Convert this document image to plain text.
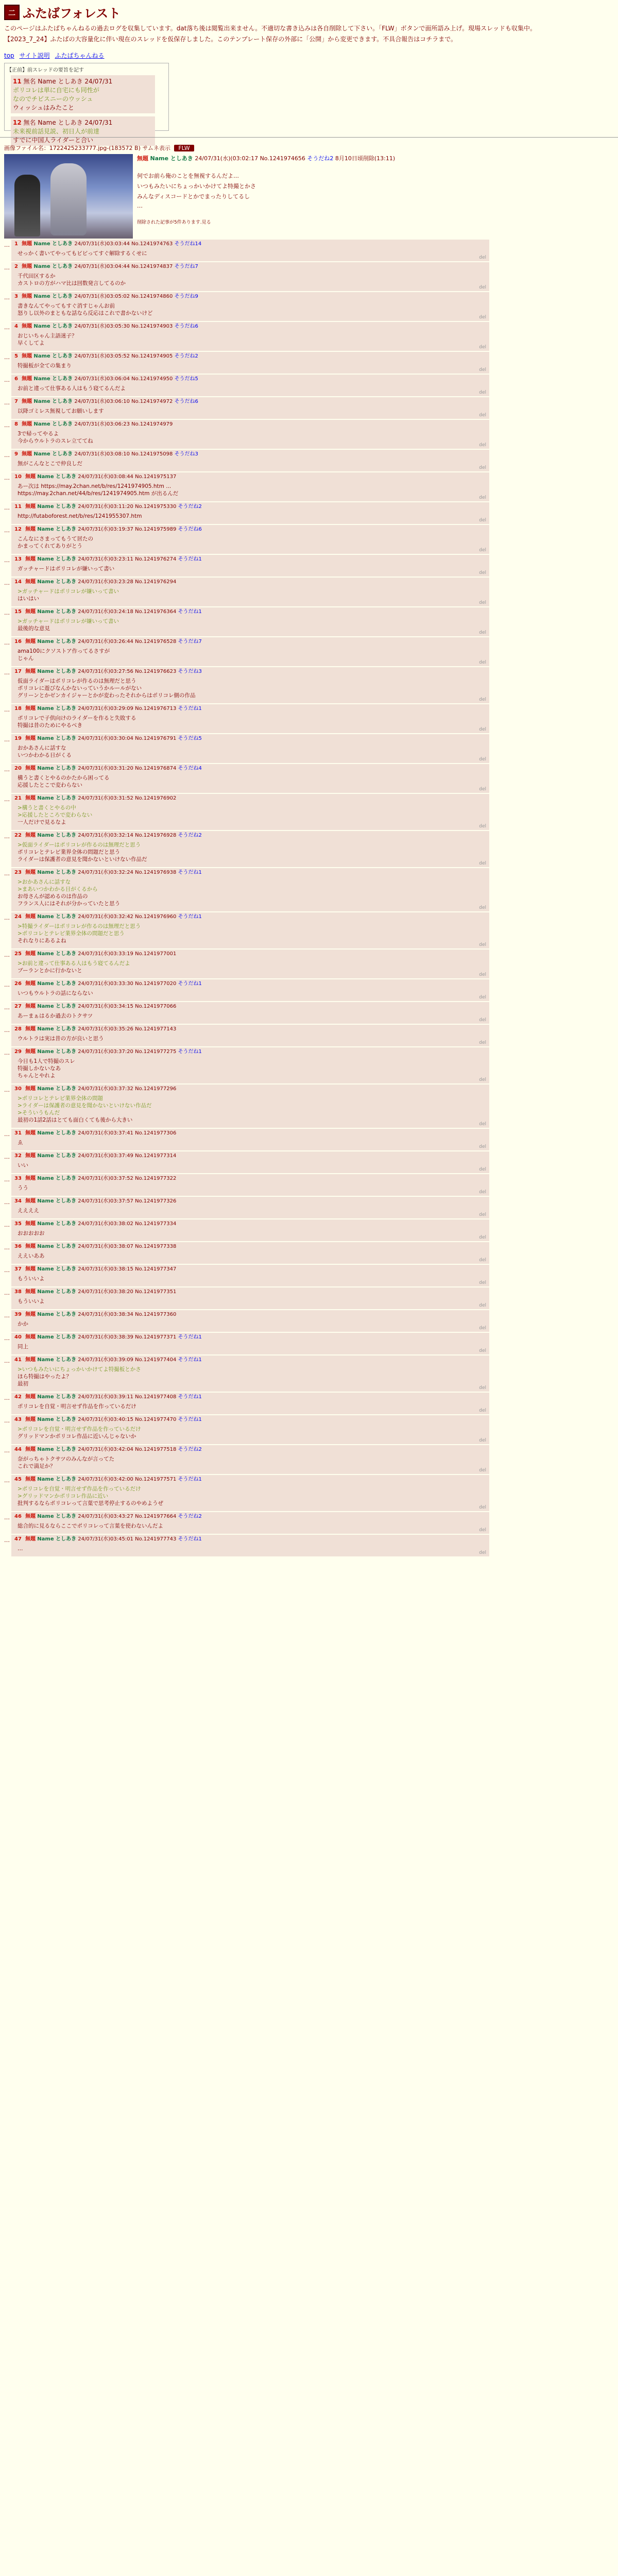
二 ふたばフォレスト

このページはふたばちゃんねるの過去ログを収集しています。dat落ち後は閲覧出来ません。不適切な書き込みは各自削除して下さい。「FLW」ボタンで面所語み上げ。現場スレッドも収集中。

【2023_7_24】ふたばの大容量化に伴い現在のスレッドを仮保存しました。このテンプレート保存の外部に「公開」から変更できます。不具合報告はコチラまで。

top サイト説明 ふたばちゃんねる
【正前】前スレッドの要旨を記す
11 無名 Name としあき 24/07/31
ポリコレは単に自宅にも同性が
なのでチビスニーのウッシュ
ウィッシュはみたこと
12 無名 Name としあき 24/07/31
未来視前話見説、初日人が前達
すでに中国人ライダーと合い
画像ファイル名：1722425233777.jpg-(183572 B) サムネ表示 FLW
無題 Name としあき 24/07/31(水)(03:02:17 No.1241974656 そうだね2 8月10日頃削除(13:11)

何でお前ら俺のことを無視するんだよ…

いつもみたいにちょっかいかけてよ特撮とかさ

みんなディスコードとかでまったりしてるし

…

削除された記事が5件あります.見る
… 1 無題 Name としあき 24/07/31(水)03:03:44 No.1241974763 そうだね14
せっかく書いてやってもビビってすぐ解除するくせに
del
… 2 無題 Name としあき 24/07/31(水)03:04:44 No.1241974837 そうだね7
千代田区するか
カストロの方がハマ比は回数発言してるのか
del
… 3 無題 Name としあき 24/07/31(水)03:05:02 No.1241974860 そうだね9
書きなんてやってもすぐ消すじゃんお前
怒りし以外のまともな話なら反応はこれで書かないけど
del
… 4 無題 Name としあき 24/07/31(水)03:05:30 No.1241974903 そうだね6
おじいちゃん主語迷子？
早くしてよ
del
… 5 無題 Name としあき 24/07/31(水)03:05:52 No.1241974905 そうだね2
特撮板が全ての集まり
del
… 6 無題 Name としあき 24/07/31(水)03:06:04 No.1241974950 そうだね5
お前と違って仕事ある人はもう寝てるんだよ
del
… 7 無題 Name としあき 24/07/31(水)03:06:10 No.1241974972 そうだね6
以降ゴミレス無視してお願いします
del
… 8 無題 Name としあき 24/07/31(水)03:06:23 No.1241974979
3で帰ってやるよ
今からウルトラのスレ立ててね
del
… 9 無題 Name としあき 24/07/31(水)03:08:10 No.1241975098 そうだね3
無がこんなとこで仲良しだ
del
… 10 無題 Name としあき 24/07/31(水)03:08:44 No.1241975137
あー次は https://may.2chan.net/b/res/1241974905.htm ...
https://may.2chan.net/44/b/res/1241974905.htm が出るんだ
del
… 11 無題 Name としあき 24/07/31(水)03:11:20 No.1241975330 そうだね2
http://futaboforest.net/b/res/1241955307.htm
del
… 12 無題 Name としあき 24/07/31(水)03:19:37 No.1241975989 そうだね6
こんなにさまってもうて居たの
かまってくれてありがとう
del
… 13 無題 Name としあき 24/07/31(水)03:23:11 No.1241976274 そうだね1
ガッチャードはポリコレが嫌いって書い
del
… 14 無題 Name としあき 24/07/31(水)03:23:28 No.1241976294
>ガッチャードはポリコレが嫌いって書い
はいはい
del
… 15 無題 Name としあき 24/07/31(水)03:24:18 No.1241976364 そうだね1
>ガッチャードはポリコレが嫌いって書い
最後的な意見
del
… 16 無題 Name としあき 24/07/31(水)03:26:44 No.1241976528 そうだね7
ama100にクソストア作ってるさすが
じゃん
del
… 17 無題 Name としあき 24/07/31(水)03:27:56 No.1241976623 そうだね3
仮面ライダーはポリコレが作るのは無理だと思う
ポリコレに遊びなんかないっていうかルールがない
グリーンとかゼンカイジャーとかが変わったそれからはポリコレ側の作品
del
… 18 無題 Name としあき 24/07/31(水)03:29:09 No.1241976713 そうだね1
ポリコレで子供向けのライダーを作ると失敗する
特撮は昔のためにやるべき
del
… 19 無題 Name としあき 24/07/31(水)03:30:04 No.1241976791 そうだね5
おかあさんに話すな
いつかわかる日がくる
del
… 20 無題 Name としあき 24/07/31(水)03:31:20 No.1241976874 そうだね4
構うと書くとやるのかたから困ってる
応援したとこで変わらない
del
… 21 無題 Name としあき 24/07/31(水)03:31:52 No.1241976902
>構うと書くとやるの中
>応援したところで変わらない
一人だけで見るなよ
del
… 22 無題 Name としあき 24/07/31(水)03:32:14 No.1241976928 そうだね2
>仮面ライダーはポリコレが作るのは無理だと思う
ポリコレとテレビ業界全体の問題だと思う
ライダーは保護者の意見を聞かないといけない作品だ
del
… 23 無題 Name としあき 24/07/31(水)03:32:24 No.1241976938 そうだね1
>おかあさんに話すな
>まあいつかわかる日がくるから
お母さんが認めるのは作品の
フランス人にはそれが分かっていたと思う
del
… 24 無題 Name としあき 24/07/31(水)03:32:42 No.1241976960 そうだね1
>特撮ライダーはポリコレが作るのは無理だと思う
>ポリコレとテレビ業界全体の問題だと思う
それなりにあるよね
del
… 25 無題 Name としあき 24/07/31(水)03:33:19 No.1241977001
>お前と違って仕事ある人はもう寝てるんだよ
ブーランとかに行かないと
del
… 26 無題 Name としあき 24/07/31(水)03:33:30 No.1241977020 そうだね1
いつもウルトラの話にならない
del
… 27 無題 Name としあき 24/07/31(水)03:34:15 No.1241977066
あーまぁはるか過去のトクサツ
del
… 28 無題 Name としあき 24/07/31(水)03:35:26 No.1241977143
ウルトラは実は昔の方が良いと思う
del
… 29 無題 Name としあき 24/07/31(水)03:37:20 No.1241977275 そうだね1
今日も1人で特撮のスレ
特撮しかないなあ
ちゃんとやれよ
del
… 30 無題 Name としあき 24/07/31(水)03:37:32 No.1241977296
>ポリコレとテレビ業界全体の問題
>ライダーは保護者の意見を聞かないといけない作品だ
>そういうもんだ
最初の1話2話はとても面白くても後から大きい
del
… 31 無題 Name としあき 24/07/31(水)03:37:41 No.1241977306
ゑ
del
… 32 無題 Name としあき 24/07/31(水)03:37:49 No.1241977314
いい
del
… 33 無題 Name としあき 24/07/31(水)03:37:52 No.1241977322
うう
del
… 34 無題 Name としあき 24/07/31(水)03:37:57 No.1241977326
ええええ
del
… 35 無題 Name としあき 24/07/31(水)03:38:02 No.1241977334
おおおおお
del
… 36 無題 Name としあき 24/07/31(水)03:38:07 No.1241977338
ええいああ
del
… 37 無題 Name としあき 24/07/31(水)03:38:15 No.1241977347
もういいよ
del
… 38 無題 Name としあき 24/07/31(水)03:38:20 No.1241977351
もういいよ
del
… 39 無題 Name としあき 24/07/31(水)03:38:34 No.1241977360
かか
del
… 40 無題 Name としあき 24/07/31(水)03:38:39 No.1241977371 そうだね1
同上
del
… 41 無題 Name としあき 24/07/31(水)03:39:09 No.1241977404 そうだね1
>いつもみたいにちょっかいかけてよ特撮板とかさ
ほら特撮はやったよ？
最初
del
… 42 無題 Name としあき 24/07/31(水)03:39:11 No.1241977408 そうだね1
ポリコレを自覚・明言せず作品を作っているだけ
del
… 43 無題 Name としあき 24/07/31(水)03:40:15 No.1241977470 そうだね1
>ポリコレを自覚・明言せず作品を作っているだけ
グリッドマンかポリコレ作品に近いんじゃないか
del
… 44 無題 Name としあき 24/07/31(水)03:42:04 No.1241977518 そうだね2
奈がっちゃトクサツのみんなが言ってた
これで満足か？
del
… 45 無題 Name としあき 24/07/31(水)03:42:00 No.1241977571 そうだね1
>ポリコレを自覚・明言せず作品を作っているだけ
>グリッドマンかポリコレ作品に近い
批判するならポリコレって言葉で思考停止するのやめようぜ
del
… 46 無題 Name としあき 24/07/31(水)03:43:27 No.1241977664 そうだね2
総合的に見るならここでポリコレって言葉を使わないんだよ
del
… 47 無題 Name としあき 24/07/31(水)03:45:01 No.1241977743 そうだね1
…
del
